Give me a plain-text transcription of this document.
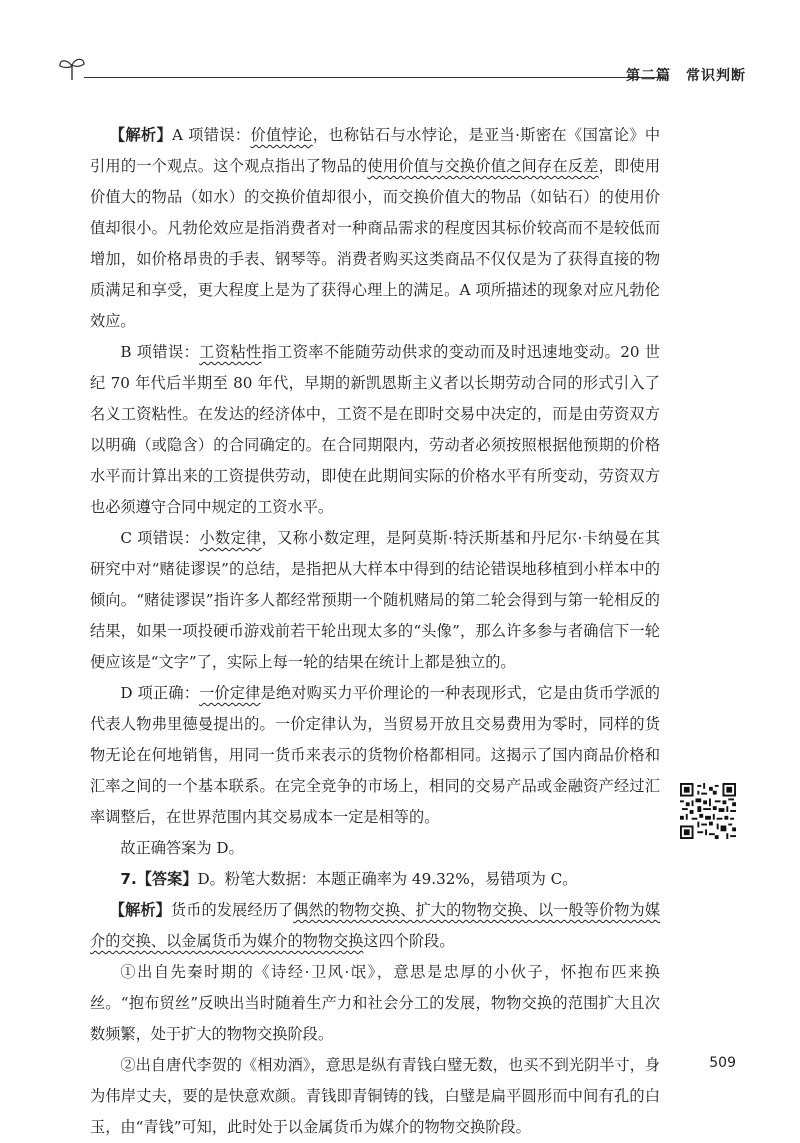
第二篇　常识判断

【解析】A 项错误：价值悖论，也称钻石与水悖论，是亚当·斯密在《国富论》中引用的一个观点。这个观点指出了物品的使用价值与交换价值之间存在反差，即使用价值大的物品（如水）的交换价值却很小，而交换价值大的物品（如钻石）的使用价值却很小。凡勃伦效应是指消费者对一种商品需求的程度因其标价较高而不是较低而增加，如价格昂贵的手表、钢琴等。消费者购买这类商品不仅仅是为了获得直接的物质满足和享受，更大程度上是为了获得心理上的满足。A 项所描述的现象对应凡勃伦效应。

B 项错误：工资粘性指工资率不能随劳动供求的变动而及时迅速地变动。20 世纪 70 年代后半期至 80 年代，早期的新凯恩斯主义者以长期劳动合同的形式引入了名义工资粘性。在发达的经济体中，工资不是在即时交易中决定的，而是由劳资双方以明确（或隐含）的合同确定的。在合同期限内，劳动者必须按照根据他预期的价格水平而计算出来的工资提供劳动，即使在此期间实际的价格水平有所变动，劳资双方也必须遵守合同中规定的工资水平。

C 项错误：小数定律，又称小数定理，是阿莫斯·特沃斯基和丹尼尔·卡纳曼在其研究中对“赌徒谬误”的总结，是指把从大样本中得到的结论错误地移植到小样本中的倾向。“赌徒谬误”指许多人都经常预期一个随机赌局的第二轮会得到与第一轮相反的结果，如果一项投硬币游戏前若干轮出现太多的“头像”，那么许多参与者确信下一轮便应该是“文字”了，实际上每一轮的结果在统计上都是独立的。

D 项正确：一价定律是绝对购买力平价理论的一种表现形式，它是由货币学派的代表人物弗里德曼提出的。一价定律认为，当贸易开放且交易费用为零时，同样的货物无论在何地销售，用同一货币来表示的货物价格都相同。这揭示了国内商品价格和汇率之间的一个基本联系。在完全竞争的市场上，相同的交易产品或金融资产经过汇率调整后，在世界范围内其交易成本一定是相等的。

故正确答案为 D。

7.【答案】D。粉笔大数据：本题正确率为 49.32%，易错项为 C。

【解析】货币的发展经历了偶然的物物交换、扩大的物物交换、以一般等价物为媒介的交换、以金属货币为媒介的物物交换这四个阶段。

①出自先秦时期的《诗经·卫风·氓》，意思是忠厚的小伙子，怀抱布匹来换丝。“抱布贸丝”反映出当时随着生产力和社会分工的发展，物物交换的范围扩大且次数频繁，处于扩大的物物交换阶段。

②出自唐代李贺的《相劝酒》，意思是纵有青钱白璧无数，也买不到光阴半寸，身为伟岸丈夫，要的是快意欢颜。青钱即青铜铸的钱，白璧是扁平圆形而中间有孔的白玉，由“青钱”可知，此时处于以金属货币为媒介的物物交换阶段。

509
